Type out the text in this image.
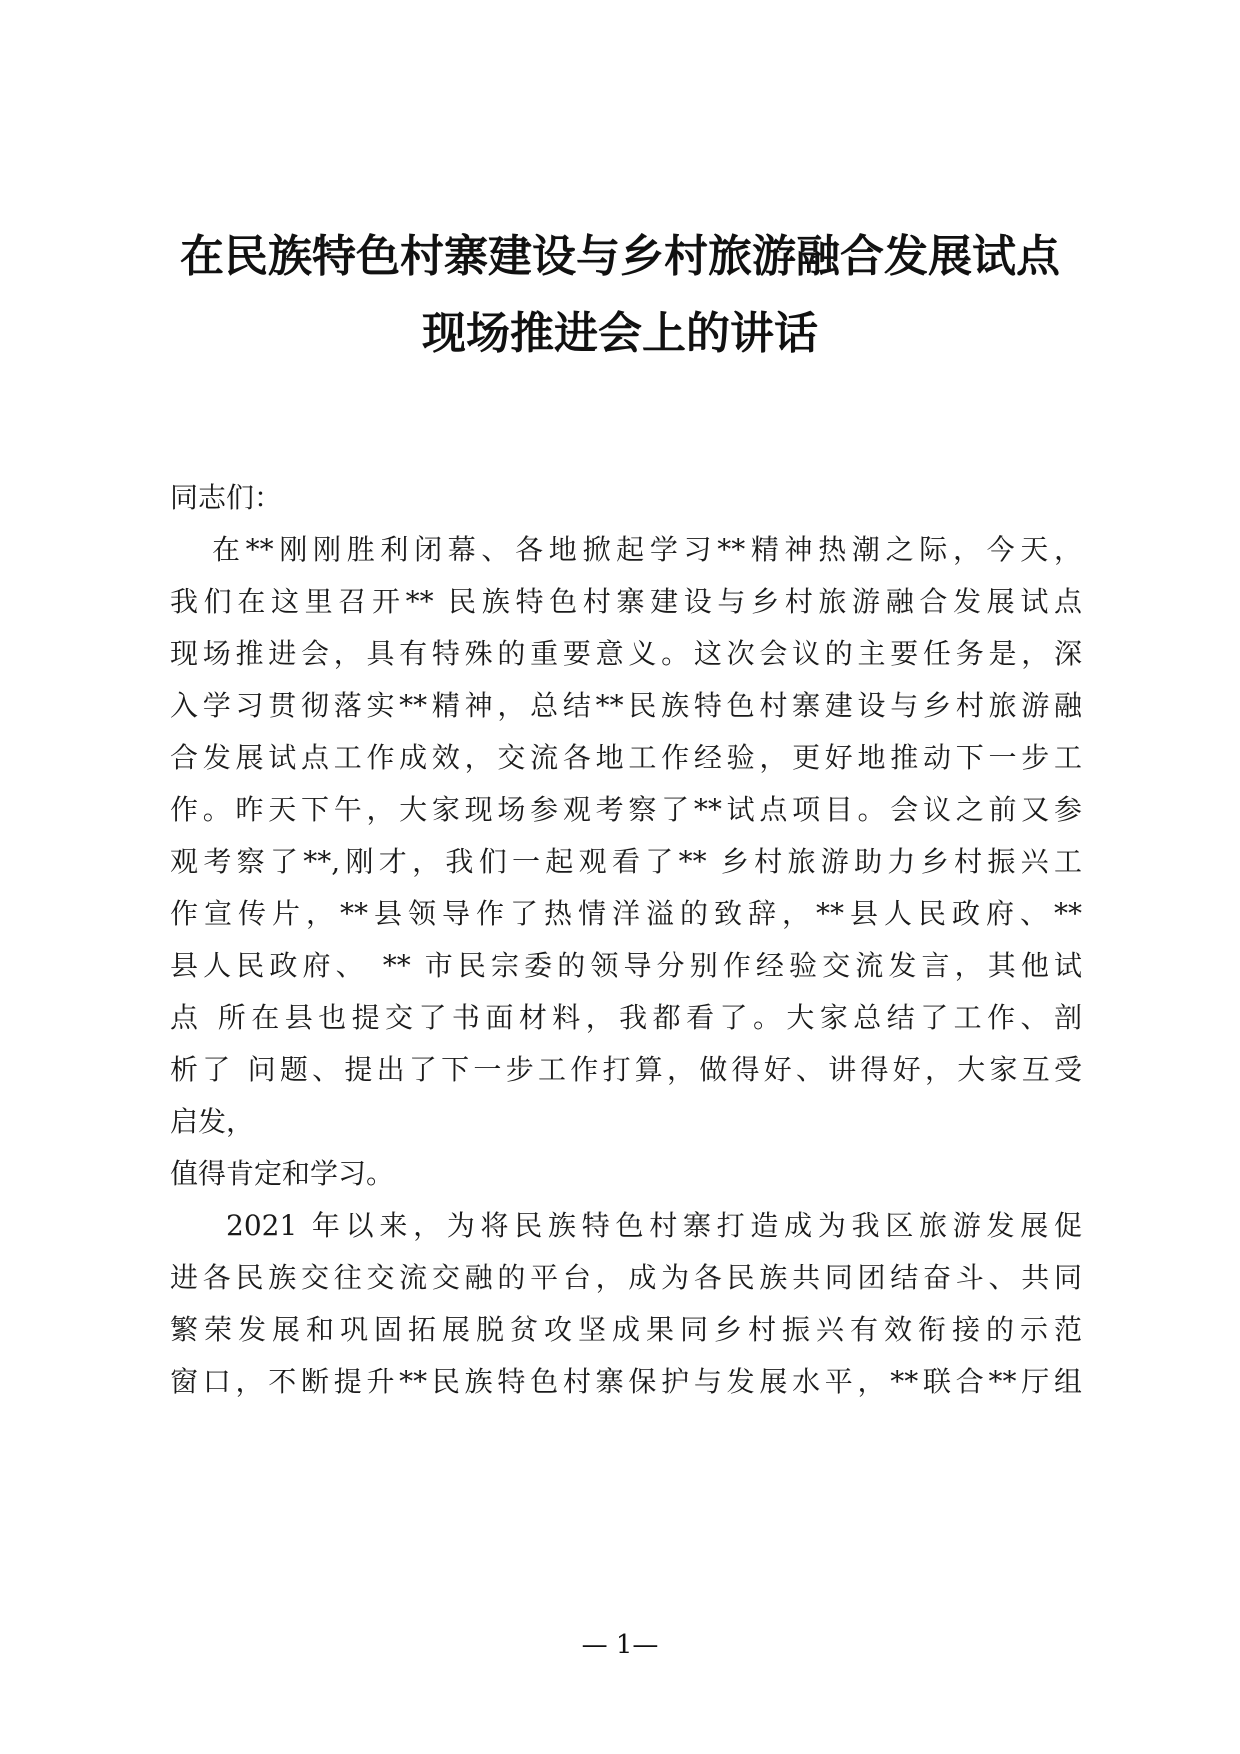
在民族特色村寨建设与乡村旅游融合发展试点
现场推进会上的讲话

同志们：

在**刚刚胜利闭幕、各地掀起学习**精神热潮之际，今天，

我们在这里召开** 民族特色村寨建设与乡村旅游融合发展试点

现场推进会，具有特殊的重要意义。这次会议的主要任务是，深

入学习贯彻落实**精神，总结**民族特色村寨建设与乡村旅游融

合发展试点工作成效，交流各地工作经验，更好地推动下一步工

作。昨天下午，大家现场参观考察了**试点项目。会议之前又参

观考察了**,刚才，我们一起观看了** 乡村旅游助力乡村振兴工

作宣传片，**县领导作了热情洋溢的致辞，**县人民政府、**

县人民政府、 ** 市民宗委的领导分别作经验交流发言，其他试

点 所在县也提交了书面材料，我都看了。大家总结了工作、剖

析了 问题、提出了下一步工作打算，做得好、讲得好，大家互受

启发，

值得肯定和学习。

2021 年以来，为将民族特色村寨打造成为我区旅游发展促

进各民族交往交流交融的平台，成为各民族共同团结奋斗、共同

繁荣发展和巩固拓展脱贫攻坚成果同乡村振兴有效衔接的示范

窗口，不断提升**民族特色村寨保护与发展水平，**联合**厅组

— 1—
